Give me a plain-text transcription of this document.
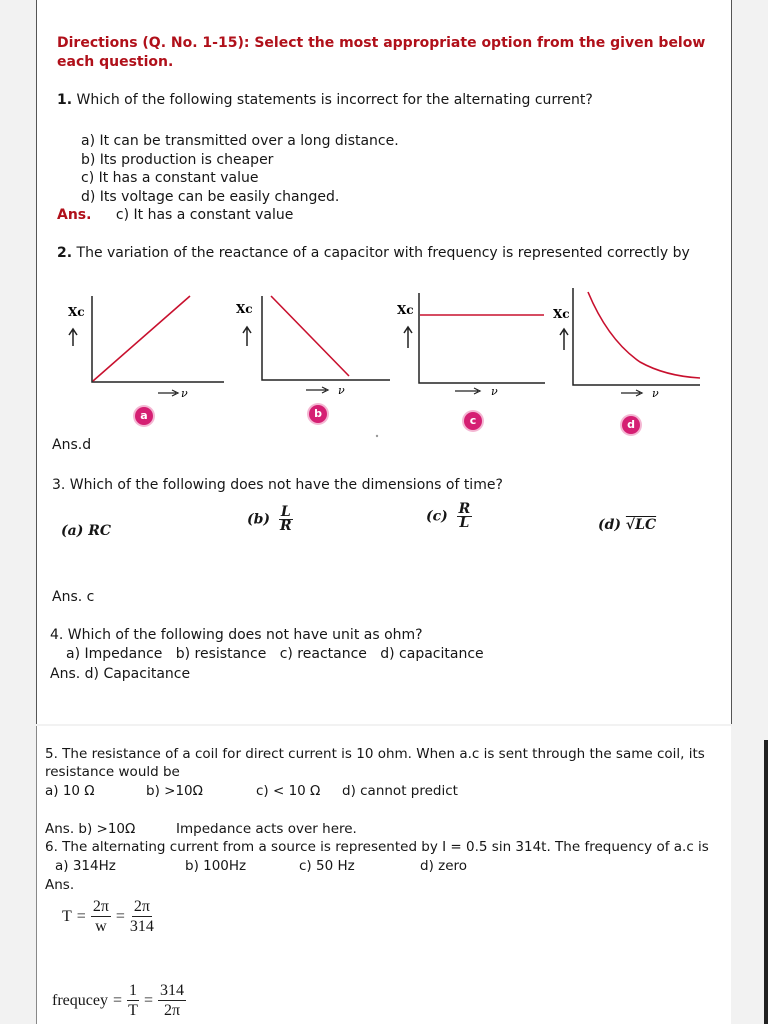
Directions (Q. No. 1-15): Select the most appropriate option from the given below each question.
1. Which of the following statements is incorrect for the alternating current?
a) It can be transmitted over a long distance.
b) Its production is cheaper
c) It has a constant value
d) Its voltage can be easily changed.
Ans. c) It has a constant value
2. The variation of the reactance of a capacitor with frequency is represented correctly by
Xc
ν
Xc
ν
Xc
ν
Xc
ν
a	b
c	d
Ans.d
3. Which of the following does not have the dimensions of time?
(a) RC
$(b) \frac{L}{R}$	$(c) \frac{R}{L}$	(d) √LC
Ans. c
4. Which of the following does not have unit as ohm?
a) Impedance   b) resistance   c) reactance   d) capacitance
Ans. d) Capacitance
5. The resistance of a coil for direct current is 10 ohm. When a.c is sent through the same coil, its
resistance would be
a) 10 Ω	b) >10Ω	c) < 10 Ω d) cannot predict
Ans. b) >10Ω	Impedance acts over here.
6. The alternating current from a source is represented by I = 0.5 sin 314t. The frequency of a.c is
a) 314Hz	b) 100Hz	c) 50 Hz	d) zero
Ans.
$T = \frac{2\pi}{w} = \frac{2\pi}{314}$
frequcey = $\frac{1}{T} = \frac{314}{2\pi}$
